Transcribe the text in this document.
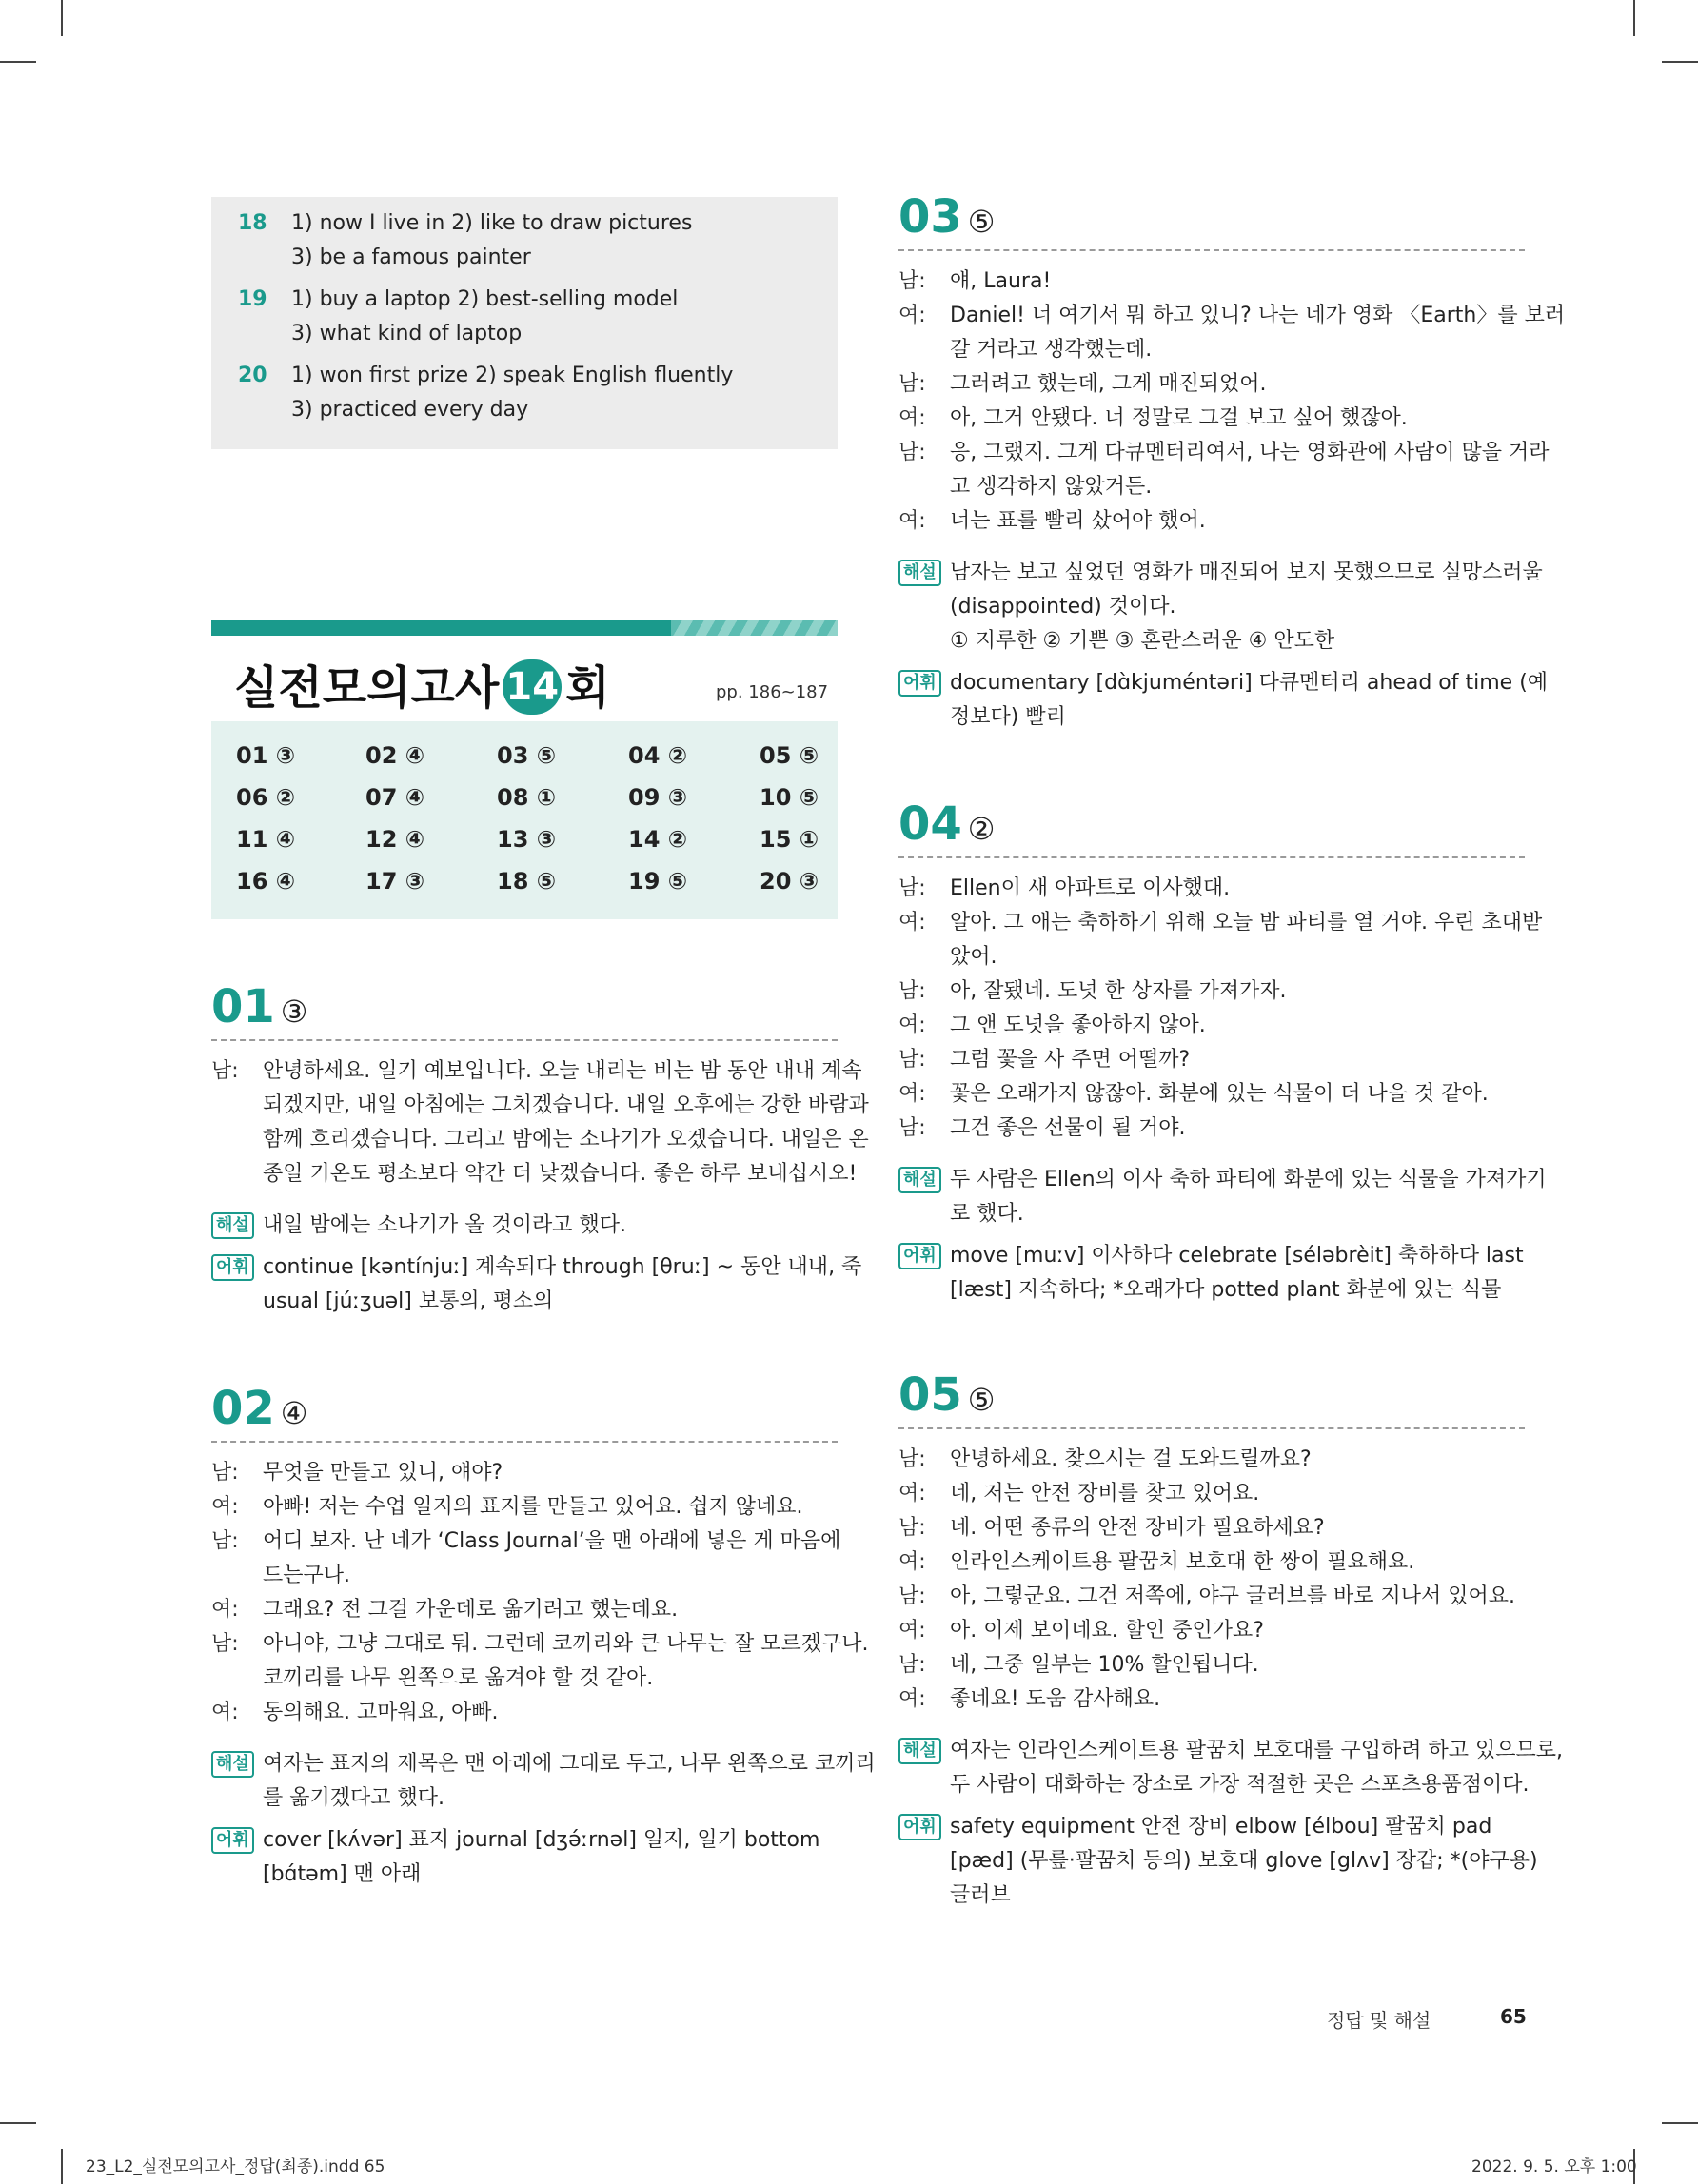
18	1) now I live in 2) like to draw pictures
3) be a famous painter
19	1) buy a laptop 2) best-selling model
3) what kind of laptop
20	1) won first prize 2) speak English fluently
3) practiced every day
실전모의고사 14 회	pp. 186~187
01 ③	02 ④	03 ⑤	04 ②	05 ⑤
06 ②	07 ④	08 ①	09 ③	10 ⑤
11 ④	12 ④	13 ③	14 ②	15 ①
16 ④	17 ③	18 ⑤	19 ⑤	20 ③
01 ③
남: 안녕하세요. 일기 예보입니다. 오늘 내리는 비는 밤 동안 내내 계속
되겠지만, 내일 아침에는 그치겠습니다. 내일 오후에는 강한 바람과
함께 흐리겠습니다. 그리고 밤에는 소나기가 오겠습니다. 내일은 온
종일 기온도 평소보다 약간 더 낮겠습니다. 좋은 하루 보내십시오!
해설 내일 밤에는 소나기가 올 것이라고 했다.
어휘 continue [kəntínjuː] 계속되다 through [θruː] ~ 동안 내내, 죽
usual [júːʒuəl] 보통의, 평소의
02 ④
남: 무엇을 만들고 있니, 얘야?
여: 아빠! 저는 수업 일지의 표지를 만들고 있어요. 쉽지 않네요.
남: 어디 보자. 난 네가 ‘Class Journal’을 맨 아래에 넣은 게 마음에
드는구나.
여: 그래요? 전 그걸 가운데로 옮기려고 했는데요.
남: 아니야, 그냥 그대로 둬. 그런데 코끼리와 큰 나무는 잘 모르겠구나.
코끼리를 나무 왼쪽으로 옮겨야 할 것 같아.
여: 동의해요. 고마워요, 아빠.
해설 여자는 표지의 제목은 맨 아래에 그대로 두고, 나무 왼쪽으로 코끼리
를 옮기겠다고 했다.
어휘 cover [kʌ́vər] 표지 journal [dʒə́ːrnəl] 일지, 일기 bottom
[bɑ́təm] 맨 아래
03 ⑤
남: 얘, Laura!
여: Daniel! 너 여기서 뭐 하고 있니? 나는 네가 영화 〈Earth〉를 보러
갈 거라고 생각했는데.
남: 그러려고 했는데, 그게 매진되었어.
여: 아, 그거 안됐다. 너 정말로 그걸 보고 싶어 했잖아.
남: 응, 그랬지. 그게 다큐멘터리여서, 나는 영화관에 사람이 많을 거라
고 생각하지 않았거든.
여: 너는 표를 빨리 샀어야 했어.
해설 남자는 보고 싶었던 영화가 매진되어 보지 못했으므로 실망스러울
(disappointed) 것이다.
① 지루한 ② 기쁜 ③ 혼란스러운 ④ 안도한
어휘 documentary [dɑ̀kjuméntəri] 다큐멘터리 ahead of time (예
정보다) 빨리
04 ②
남: Ellen이 새 아파트로 이사했대.
여: 알아. 그 애는 축하하기 위해 오늘 밤 파티를 열 거야. 우린 초대받
았어.
남: 아, 잘됐네. 도넛 한 상자를 가져가자.
여: 그 앤 도넛을 좋아하지 않아.
남: 그럼 꽃을 사 주면 어떨까?
여: 꽃은 오래가지 않잖아. 화분에 있는 식물이 더 나을 것 같아.
남: 그건 좋은 선물이 될 거야.
해설 두 사람은 Ellen의 이사 축하 파티에 화분에 있는 식물을 가져가기
로 했다.
어휘 move [muːv] 이사하다 celebrate [séləbrèit] 축하하다 last
[læst] 지속하다; *오래가다 potted plant 화분에 있는 식물
05 ⑤
남: 안녕하세요. 찾으시는 걸 도와드릴까요?
여: 네, 저는 안전 장비를 찾고 있어요.
남: 네. 어떤 종류의 안전 장비가 필요하세요?
여: 인라인스케이트용 팔꿈치 보호대 한 쌍이 필요해요.
남: 아, 그렇군요. 그건 저쪽에, 야구 글러브를 바로 지나서 있어요.
여: 아. 이제 보이네요. 할인 중인가요?
남: 네, 그중 일부는 10% 할인됩니다.
여: 좋네요! 도움 감사해요.
해설 여자는 인라인스케이트용 팔꿈치 보호대를 구입하려 하고 있으므로,
두 사람이 대화하는 장소로 가장 적절한 곳은 스포츠용품점이다.
어휘 safety equipment 안전 장비 elbow [élbou] 팔꿈치 pad
[pæd] (무릎·팔꿈치 등의) 보호대 glove [glʌv] 장갑; *(야구용)
글러브
정답 및 해설	65
23_L2_실전모의고사_정답(최종).indd 65	2022. 9. 5. 오후 1:00
